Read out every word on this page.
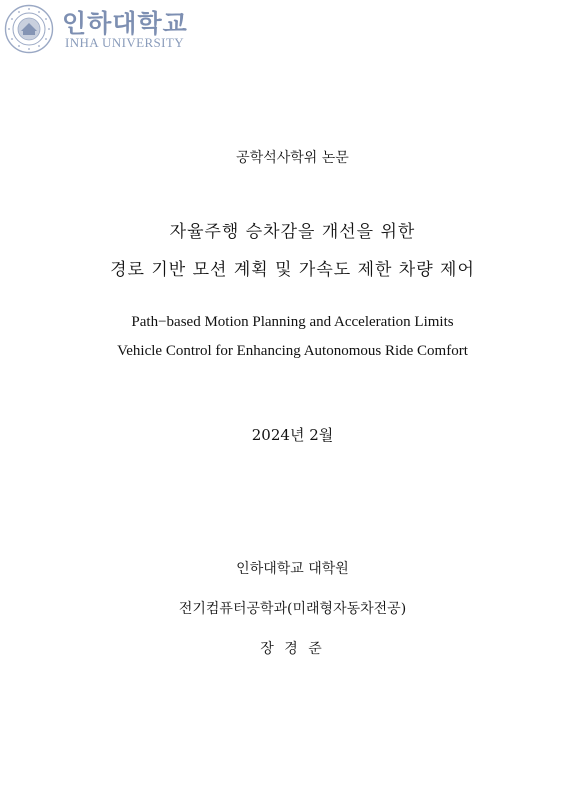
인하대학교
INHA UNIVERSITY
공학석사학위 논문
자율주행 승차감을 개선을 위한
경로 기반 모션 계획 및 가속도 제한 차량 제어
Path−based Motion Planning and Acceleration Limits
Vehicle Control for Enhancing Autonomous Ride Comfort
2024년 2월
인하대학교 대학원
전기컴퓨터공학과(미래형자동차전공)
장 경 준
